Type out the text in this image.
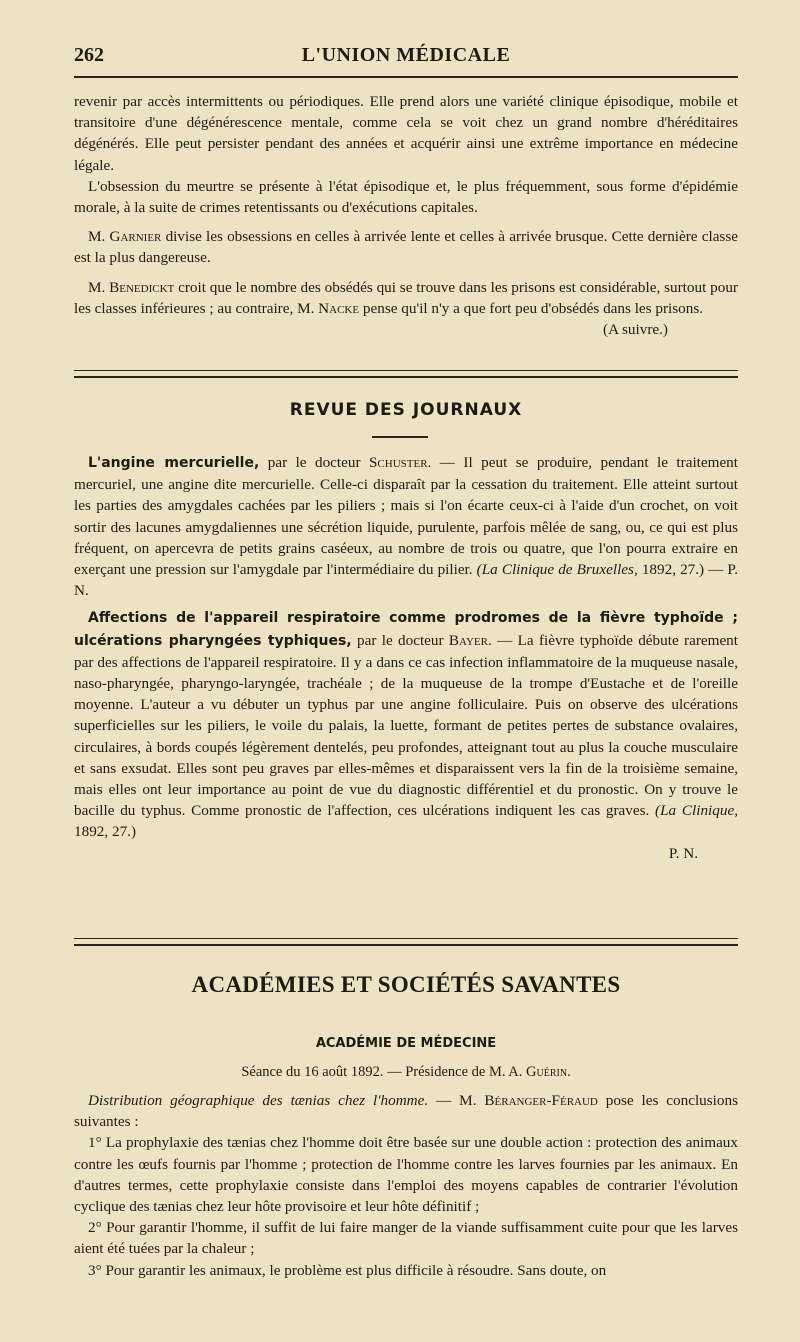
262	L'UNION MÉDICALE

revenir par accès intermittents ou périodiques. Elle prend alors une variété clinique épisodique, mobile et transitoire d'une dégénérescence mentale, comme cela se voit chez un grand nombre d'héréditaires dégénérés. Elle peut persister pendant des années et acquérir ainsi une extrême importance en médecine légale.

L'obsession du meurtre se présente à l'état épisodique et, le plus fréquemment, sous forme d'épidémie morale, à la suite de crimes retentissants ou d'exécutions capitales.

M. Garnier divise les obsessions en celles à arrivée lente et celles à arrivée brusque. Cette dernière classe est la plus dangereuse.

M. Benedickt croit que le nombre des obsédés qui se trouve dans les prisons est considérable, surtout pour les classes inférieures ; au contraire, M. Nacke pense qu'il n'y a que fort peu d'obsédés dans les prisons.
(A suivre.)

REVUE DES JOURNAUX

L'angine mercurielle, par le docteur Schuster. — Il peut se produire, pendant le traitement mercuriel, une angine dite mercurielle. Celle-ci disparaît par la cessation du traitement. Elle atteint surtout les parties des amygdales cachées par les piliers ; mais si l'on écarte ceux-ci à l'aide d'un crochet, on voit sortir des lacunes amygdaliennes une sécrétion liquide, purulente, parfois mêlée de sang, ou, ce qui est plus fréquent, on apercevra de petits grains caséeux, au nombre de trois ou quatre, que l'on pourra extraire en exerçant une pression sur l'amygdale par l'intermédiaire du pilier. (La Clinique de Bruxelles, 1892, 27.) — P. N.

Affections de l'appareil respiratoire comme prodromes de la fièvre typhoïde ; ulcérations pharyngées typhiques, par le docteur Bayer. — La fièvre typhoïde débute rarement par des affections de l'appareil respiratoire. Il y a dans ce cas infection inflammatoire de la muqueuse nasale, naso-pharyngée, pharyngo-laryngée, trachéale ; de la muqueuse de la trompe d'Eustache et de l'oreille moyenne. L'auteur a vu débuter un typhus par une angine folliculaire. Puis on observe des ulcérations superficielles sur les piliers, le voile du palais, la luette, formant de petites pertes de substance ovalaires, circulaires, à bords coupés légèrement dentelés, peu profondes, atteignant tout au plus la couche musculaire et sans exsudat. Elles sont peu graves par elles-mêmes et disparaissent vers la fin de la troisième semaine, mais elles ont leur importance au point de vue du diagnostic différentiel et du pronostic. On y trouve le bacille du typhus. Comme pronostic de l'affection, ces ulcérations indiquent les cas graves. (La Clinique, 1892, 27.)

P. N.
ACADÉMIES ET SOCIÉTÉS SAVANTES
ACADÉMIE DE MÉDECINE
Séance du 16 août 1892. — Présidence de M. A. Guérin.

Distribution géographique des tænias chez l'homme. — M. Béranger-Féraud pose les conclusions suivantes :

1° La prophylaxie des tænias chez l'homme doit être basée sur une double action : protection des animaux contre les œufs fournis par l'homme ; protection de l'homme contre les larves fournies par les animaux. En d'autres termes, cette prophylaxie consiste dans l'emploi des moyens capables de contrarier l'évolution cyclique des tænias chez leur hôte provisoire et leur hôte définitif ;

2° Pour garantir l'homme, il suffit de lui faire manger de la viande suffisamment cuite pour que les larves aient été tuées par la chaleur ;

3° Pour garantir les animaux, le problème est plus difficile à résoudre. Sans doute, on
